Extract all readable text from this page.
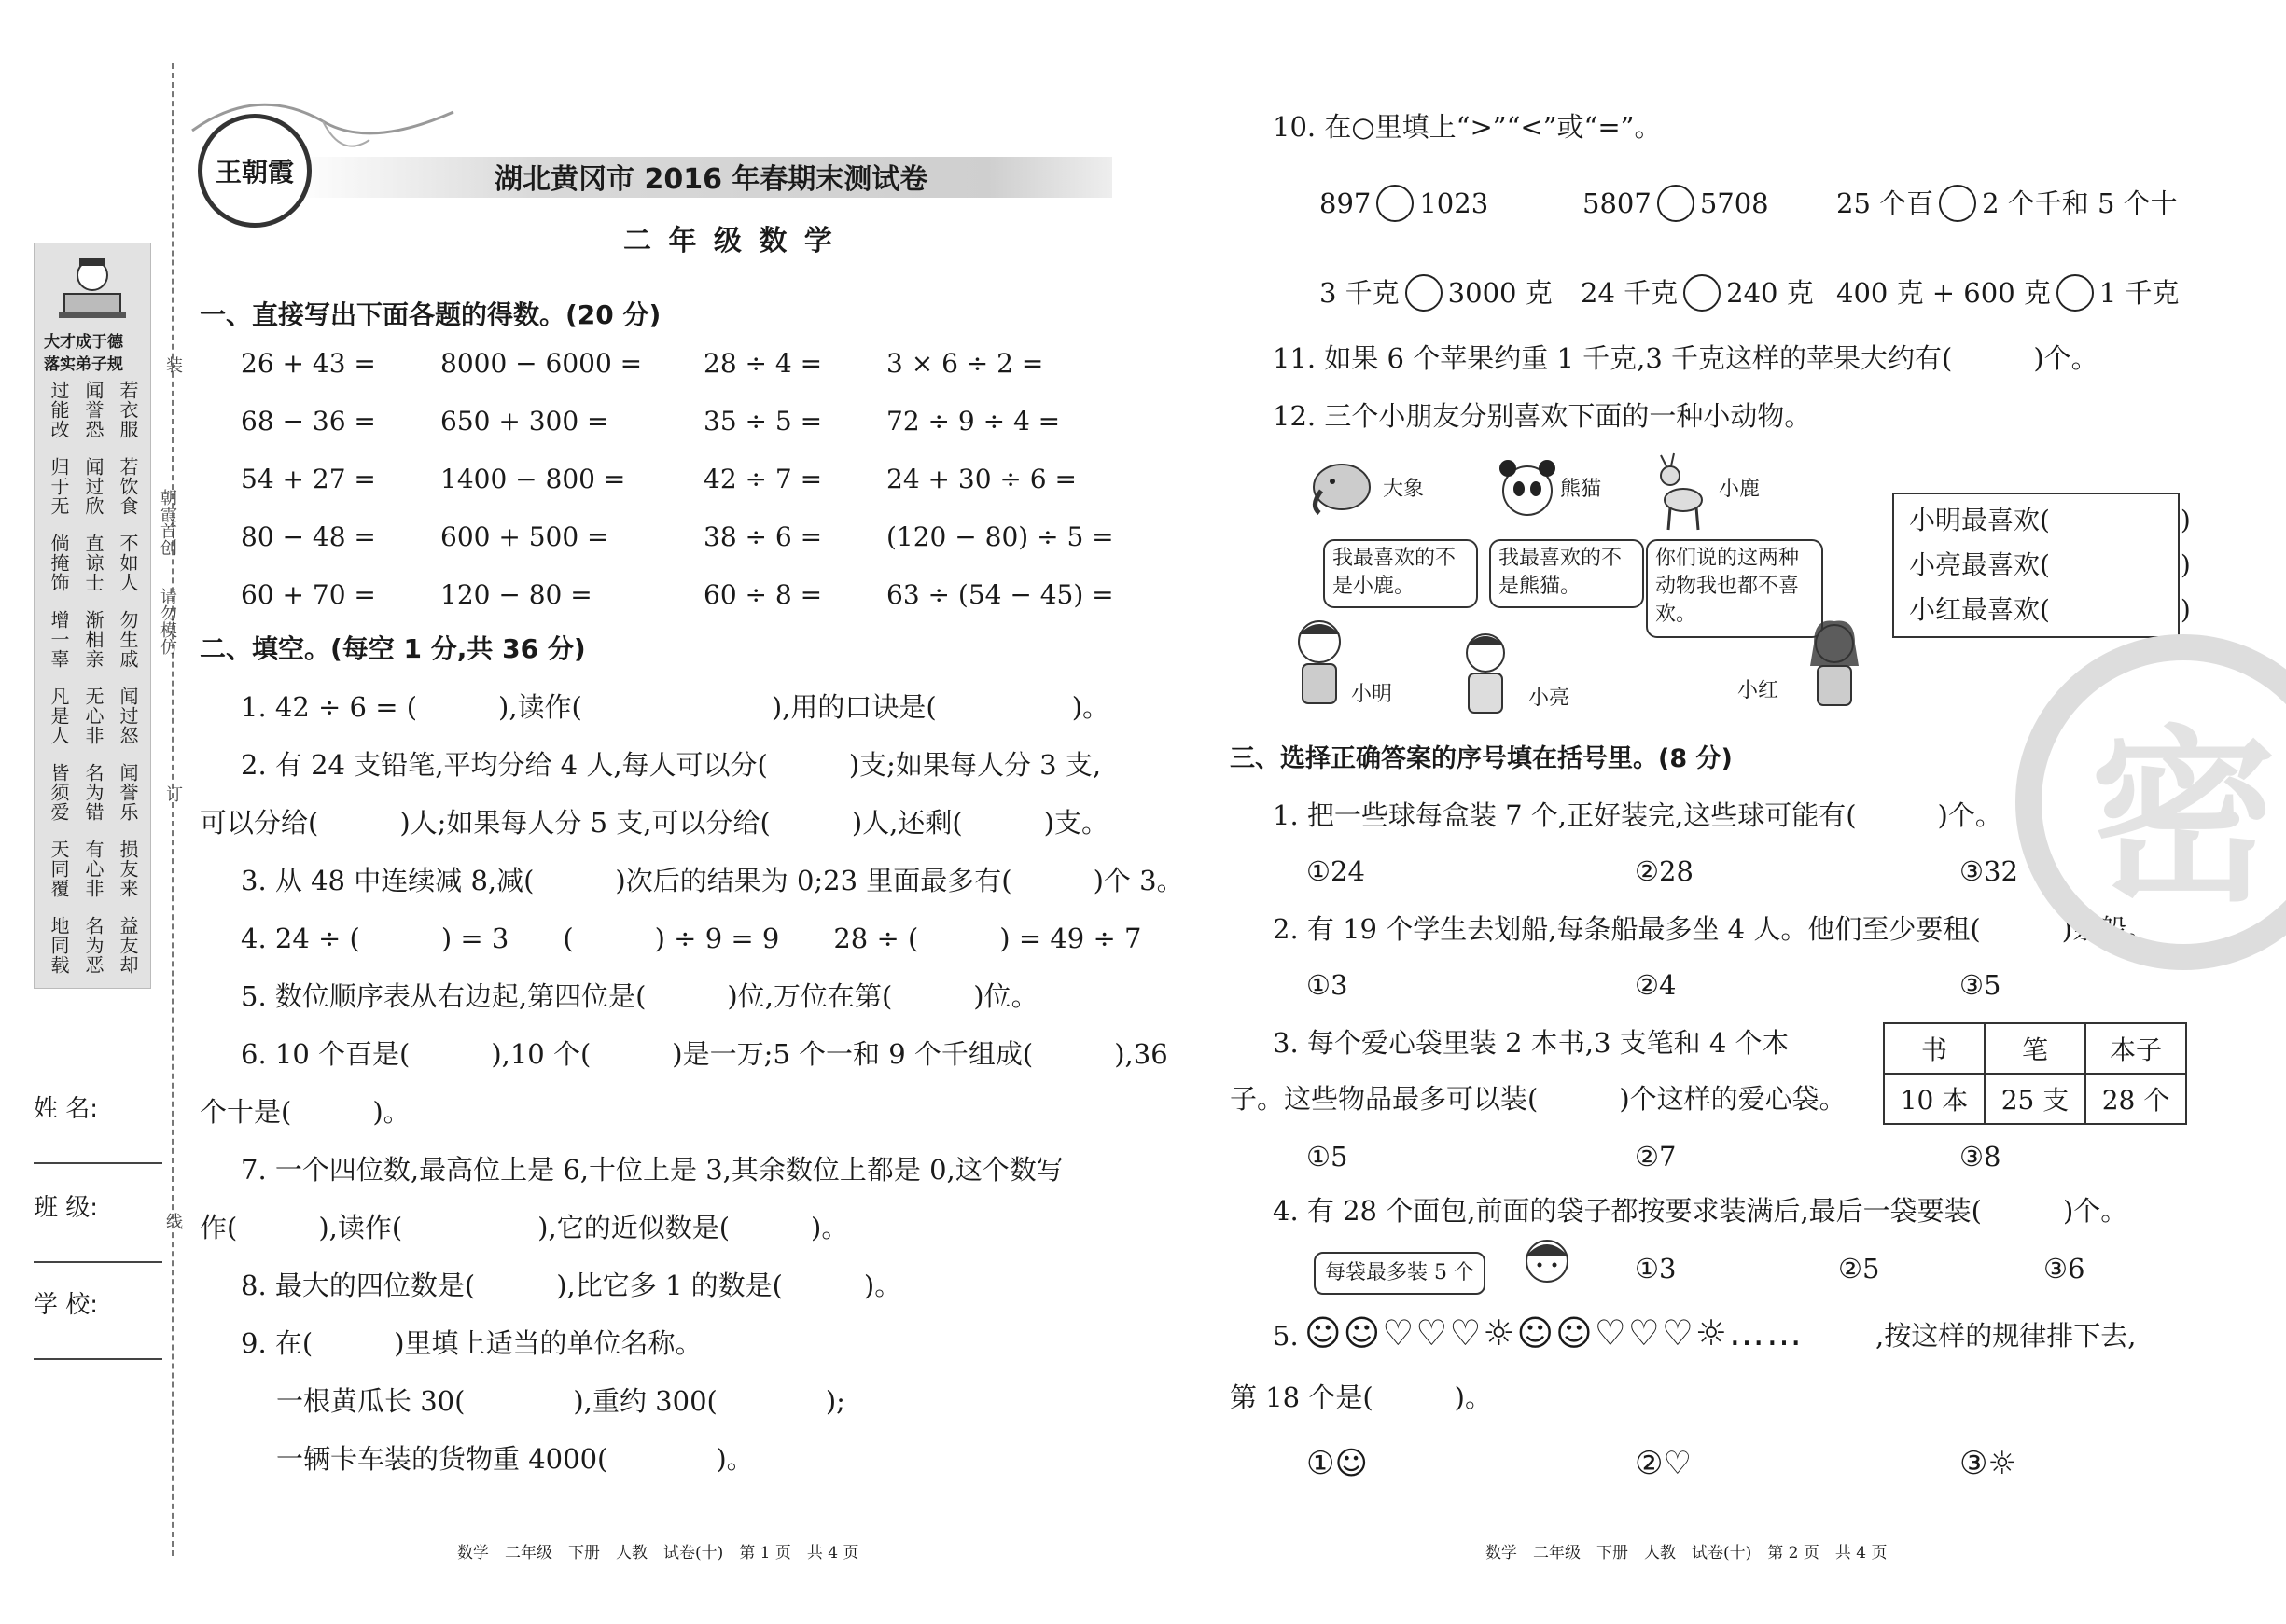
大才成于德
落实弟子规
过能改 闻誉恐 若衣服
归于无 闻过欣 若饮食
倘掩饰 直谅士 不如人
增一辜 渐相亲 勿生戚
凡是人 无心非 闻过怒
皆须爱 名为错 闻誉乐
天同覆 有心非 损友来
地同载 名为恶 益友却
姓 名:
班 级:
学 校:
装
朝霞首创
请勿模仿
订
线
王朝霞	湖北黄冈市 2016 年春期末测试卷
二 年 级 数 学
一、直接写出下面各题的得数。(20 分)
26 + 43 = 8000 − 6000 = 28 ÷ 4 = 3 × 6 ÷ 2 =
68 − 36 = 650 + 300 =	35 ÷ 5 = 72 ÷ 9 ÷ 4 =
54 + 27 = 1400 − 800 =	42 ÷ 7 = 24 + 30 ÷ 6 =
80 − 48 = 600 + 500 =	38 ÷ 6 = (120 − 80) ÷ 5 =
60 + 70 = 120 − 80 =	60 ÷ 8 = 63 ÷ (54 − 45) =
二、填空。(每空 1 分,共 36 分)
1. 42 ÷ 6 = (　　　),读作(　　　　　　　),用的口诀是(　　　　　)。
2. 有 24 支铅笔,平均分给 4 人,每人可以分(　　　)支;如果每人分 3 支,
可以分给(　　　)人;如果每人分 5 支,可以分给(　　　)人,还剩(　　　)支。
3. 从 48 中连续减 8,减(　　　)次后的结果为 0;23 里面最多有(　　　)个 3。
4. 24 ÷ (　　　) = 3　　(　　　) ÷ 9 = 9　　28 ÷ (　　　) = 49 ÷ 7
5. 数位顺序表从右边起,第四位是(　　　)位,万位在第(　　　)位。
6. 10 个百是(　　　),10 个(　　　)是一万;5 个一和 9 个千组成(　　　),36
个十是(　　　)。
7. 一个四位数,最高位上是 6,十位上是 3,其余数位上都是 0,这个数写
作(　　　),读作(　　　　　),它的近似数是(　　　)。
8. 最大的四位数是(　　　),比它多 1 的数是(　　　)。
9. 在(　　　)里填上适当的单位名称。
一根黄瓜长 30(　　　　),重约 300(　　　　);
一辆卡车装的货物重 4000(　　　　)。
10. 在○里填上“>”“<”或“=”。
897 1023	5807 5708 25 个百 2 个千和 5 个十
3 千克 3000 克 24 千克 240 克 400 克 + 600 克 1 千克
11. 如果 6 个苹果约重 1 千克,3 千克这样的苹果大约有(　　　)个。
12. 三个小朋友分别喜欢下面的一种小动物。
大象	熊猫	小鹿
我最喜欢的不是小鹿。
我最喜欢的不是熊猫。
你们说的这两种动物我也都不喜欢。
小明	小亮	小红
小明最喜欢(　　　　　)
小亮最喜欢(　　　　　)
小红最喜欢(　　　　　)
三、选择正确答案的序号填在括号里。(8 分)
1. 把一些球每盒装 7 个,正好装完,这些球可能有(　　　)个。
①24	②28	③32
2. 有 19 个学生去划船,每条船最多坐 4 人。他们至少要租(　　　)条船。
①3	②4	③5
3. 每个爱心袋里装 2 本书,3 支笔和 4 个本
子。这些物品最多可以装(　　　)个这样的爱心袋。
书	笔	本子
10 本	25 支	28 个
①5	②7	③8
4. 有 28 个面包,前面的袋子都按要求装满后,最后一袋要装(　　　)个。
每袋最多装 5 个	①3	②5	③6
5. ☺☺♡♡♡☼☺☺♡♡♡☼……	,按这样的规律排下去,
第 18 个是(　　　)。
①☺	②♡	③☼
密
数学　二年级　下册　人教　试卷(十)　第 1 页　共 4 页	数学　二年级　下册　人教　试卷(十)　第 2 页　共 4 页
